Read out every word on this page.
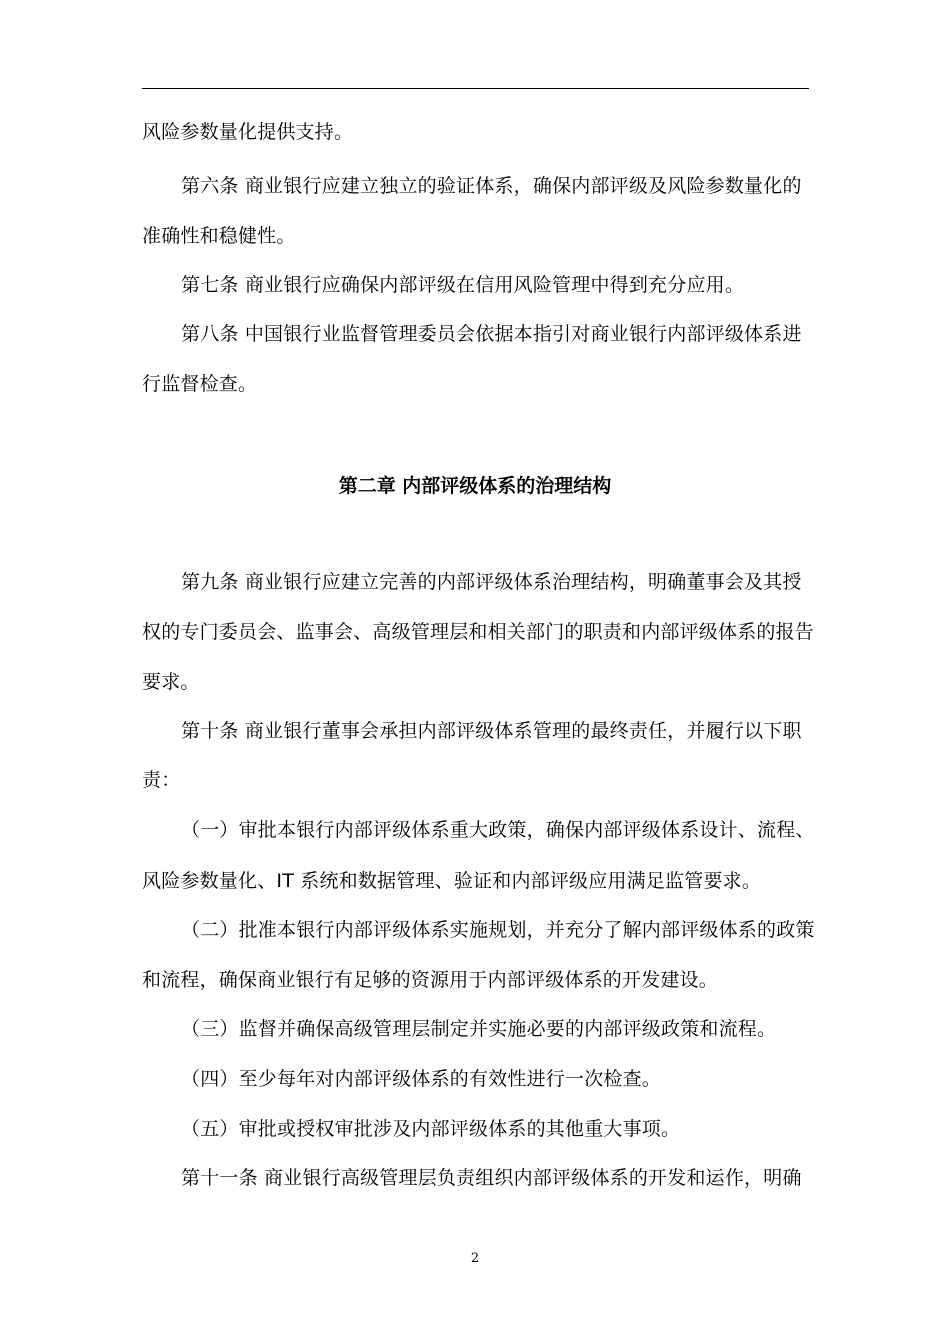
风险参数量化提供支持。
第六条 商业银行应建立独立的验证体系，确保内部评级及风险参数量化的
准确性和稳健性。
第七条 商业银行应确保内部评级在信用风险管理中得到充分应用。
第八条 中国银行业监督管理委员会依据本指引对商业银行内部评级体系进
行监督检查。
第二章 内部评级体系的治理结构
第九条 商业银行应建立完善的内部评级体系治理结构，明确董事会及其授
权的专门委员会、监事会、高级管理层和相关部门的职责和内部评级体系的报告
要求。
第十条 商业银行董事会承担内部评级体系管理的最终责任，并履行以下职
责：
（一）审批本银行内部评级体系重大政策，确保内部评级体系设计、流程、
风险参数量化、IT 系统和数据管理、验证和内部评级应用满足监管要求。
（二）批准本银行内部评级体系实施规划，并充分了解内部评级体系的政策
和流程，确保商业银行有足够的资源用于内部评级体系的开发建设。
（三）监督并确保高级管理层制定并实施必要的内部评级政策和流程。
（四）至少每年对内部评级体系的有效性进行一次检查。
（五）审批或授权审批涉及内部评级体系的其他重大事项。
第十一条 商业银行高级管理层负责组织内部评级体系的开发和运作，明确
2
